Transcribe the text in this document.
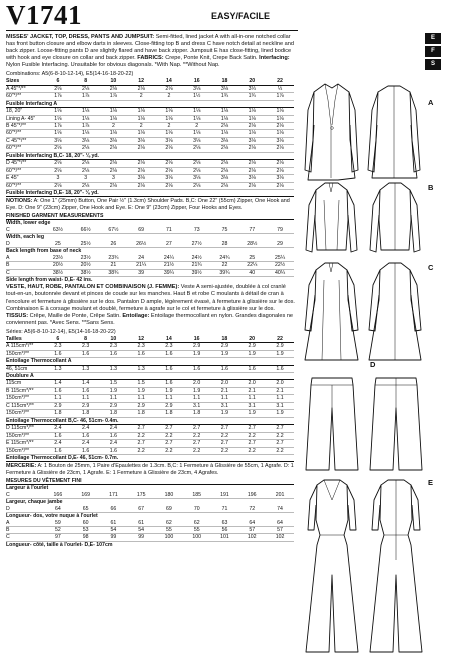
V1741	EASY/FACILE
MISSES' JACKET, TOP, DRESS, PANTS AND JUMPSUIT: Semi-fitted, lined jacket A with all-in-one notched collar has front button closure and elbow darts in sleeves. Close-fitting top B and dress C have notch detail at neckline and back zipper. Loose-fitting pants D are slightly flared and have back zipper. Jumpsuit E has close-fitting, lined bodice with hook and eye closure on collar and back zipper. FABRICS: Crepe, Ponte Knit, Crepe Back Satin. Interfacing: Nylon Fusible Interfacing. Unsuitable for obvious diagonals. *With Nap. **Without Nap.
Combinations: A5(6-8-10-12-14), E5(14-16-18-20-22)
Sizes	6	8	10	12	14	16	18	20	22
A 45"*/**	2⅛	2⅛	2⅛	2⅛	2⅛	3⅛	3⅛	3⅓	⅓
60"*/**	1⅞	1⅞	1⅞	2	2	1½	1¾	1¾	1⅞
Fusible Interfacing A									
18, 20"	1⅛	1⅛	1⅛	1⅛	1⅛	1⅛	1⅛	1⅛	1⅛
Lining A- 45"	1⅛	1⅛	1⅛	1⅛	1⅛	1⅛	1⅛	1⅛	1⅛
B 45"*/**	1⅞	1⅞	2	2	2	2	2⅛	2⅛	2⅛
60"*/**	1⅛	1⅛	1⅛	1⅛	1⅛	1⅛	1⅛	1⅛	1⅛
C 45"*/**	3⅛	3⅛	3⅛	3⅛	3⅛	3⅛	3⅛	3⅛	3⅛
60"*/**	2⅛	2⅛	2⅛	2⅛	2⅛	2⅛	2⅛	2⅛	2⅛
Fusible Interfacing B,C- 18, 20"- ⅛ yd.									
D 45"*/**	2⅛	2⅛	2⅛	2⅛	2⅛	2⅛	2⅛	2⅛	2⅛
60"*/**	2⅛	2⅛	2⅛	2⅛	2⅛	2⅛	2⅛	2⅛	2⅛
E 45"	3	3	3	3⅛	3⅛	3⅛	3⅛	3⅛	3⅛
60"*/**	2⅛	2⅛	2⅛	2⅛	2⅛	2⅛	2⅛	2⅛	2⅛
Fusible Interfacing D,E- 18, 20"- ⅛ yd.									
NOTIONS: A: One 1" (25mm) Button, One Pair ½" (1.3cm) Shoulder Pads. B,C: One 22" (55cm) Zipper, One Hook and Eye. D: One 9" (23cm) Zipper, One Hook and Eye. E: One 9" (23cm) Zipper, Four Hooks and Eyes.
FINISHED GARMENT MEASUREMENTS									
Width, lower edge									
C	63½	66½	67½	69	71	73	75	77	79
Width, each leg									
D	25	25½	26	26½	27	27½	28	28½	29
Back length from base of neck									
A	23½	23½	23¾	24	24¼	24½	24¾	25	25¼
B	20½	20½	21	21¼	21½	21¾	22	22¼	22½
C	38½	38½	38¾	39	39¼	39½	39¾	40	40¼
Side length from waist- D,E- 42 ins.									
VESTE, HAUT, ROBE, PANTALON ET COMBINAISON (J. FEMME): Veste A semi-ajustée, doublée à col cranlé tout-en-un, boutonnée devant et pinces de coude sur les manches. Haut B et robe C moulants à détail de cran à l'encolure et fermeture à glissière sur le dos. Pantalon D ample, légèrement évasé, à fermeture à glissière sur le dos. Combinaison E à corsage moulant et doublé, fermeture à agrafe sur le col et fermeture à glissière sur le dos. TISSUS: Crêpe, Maille de Ponte, Crêpe Satin. Entoilage: Entoilage thermocollant en nylon. Grandes diagonales ne conviennent pas. *Avec Sens. **Sans Sens.
Séries: A5(6-8-10-12-14), E5(14-16-18-20-22)
Tailles	6	8	10	12	14	16	18	20	22
A 115cm*/**	2.3	2.3	2.3	2.3	2.3	2.9	2.9	2.9	2.9
150cm*/**	1.6	1.6	1.6	1.6	1.6	1.9	1.9	1.9	1.9
Entoilage Thermocollant A									
46, 51cm	1.3	1.3	1.3	1.3	1.6	1.6	1.6	1.6	1.6
Doublure A									
115cm	1.4	1.4	1.5	1.5	1.6	2.0	2.0	2.0	2.0
B 115cm*/**	1.6	1.6	1.9	1.9	1.9	1.9	2.1	2.1	2.1
150cm*/**	1.1	1.1	1.1	1.1	1.1	1.1	1.1	1.1	1.1
C 115cm*/**	2.9	2.9	2.9	2.9	2.9	3.1	3.1	3.1	3.1
150cm*/**	1.8	1.8	1.8	1.8	1.8	1.8	1.9	1.9	1.9
Entoilage Thermocollant B,C- 46, 51cm- 0.4m.									
D 115cm*/**	2.4	2.4	2.4	2.7	2.7	2.7	2.7	2.7	2.7
150cm*/**	1.6	1.6	1.6	2.2	2.2	2.2	2.2	2.2	2.2
E 115cm*/**	2.4	2.4	2.4	2.7	2.7	2.7	2.7	2.7	2.7
150cm*/**	1.6	1.6	1.6	2.2	2.2	2.2	2.2	2.2	2.2
Entoilage Thermocollant D,E- 46, 51cm- 0.7m.									
MERCERIE: A: 1 Bouton de 25mm, 1 Paire d'Epaulettes de 1.3cm. B,C: 1 Fermeture à Glissière de 55cm, 1 Agrafe. D: 1 Fermeture à Glissière de 23cm, 1 Agrafe. E: 1 Fermeture à Glissière de 23cm, 4 Agrafes.
MESURES DU VÊTEMENT FINI									
Largeur à l'ourlet									
C	166	169	171	175	180	185	191	196	201
Largeur, chaque jambe									
D	64	65	66	67	69	70	71	72	74
Longueur- dos, votre nuque à l'ourlet									
A	59	60	61	61	62	62	63	64	64
B	52	53	54	54	55	55	56	57	57
C	97	98	99	99	100	100	101	102	102
Longueur- côté, taille à l'ourlet- D,E- 107cm									
E
F
S
A
B
C
D
E
